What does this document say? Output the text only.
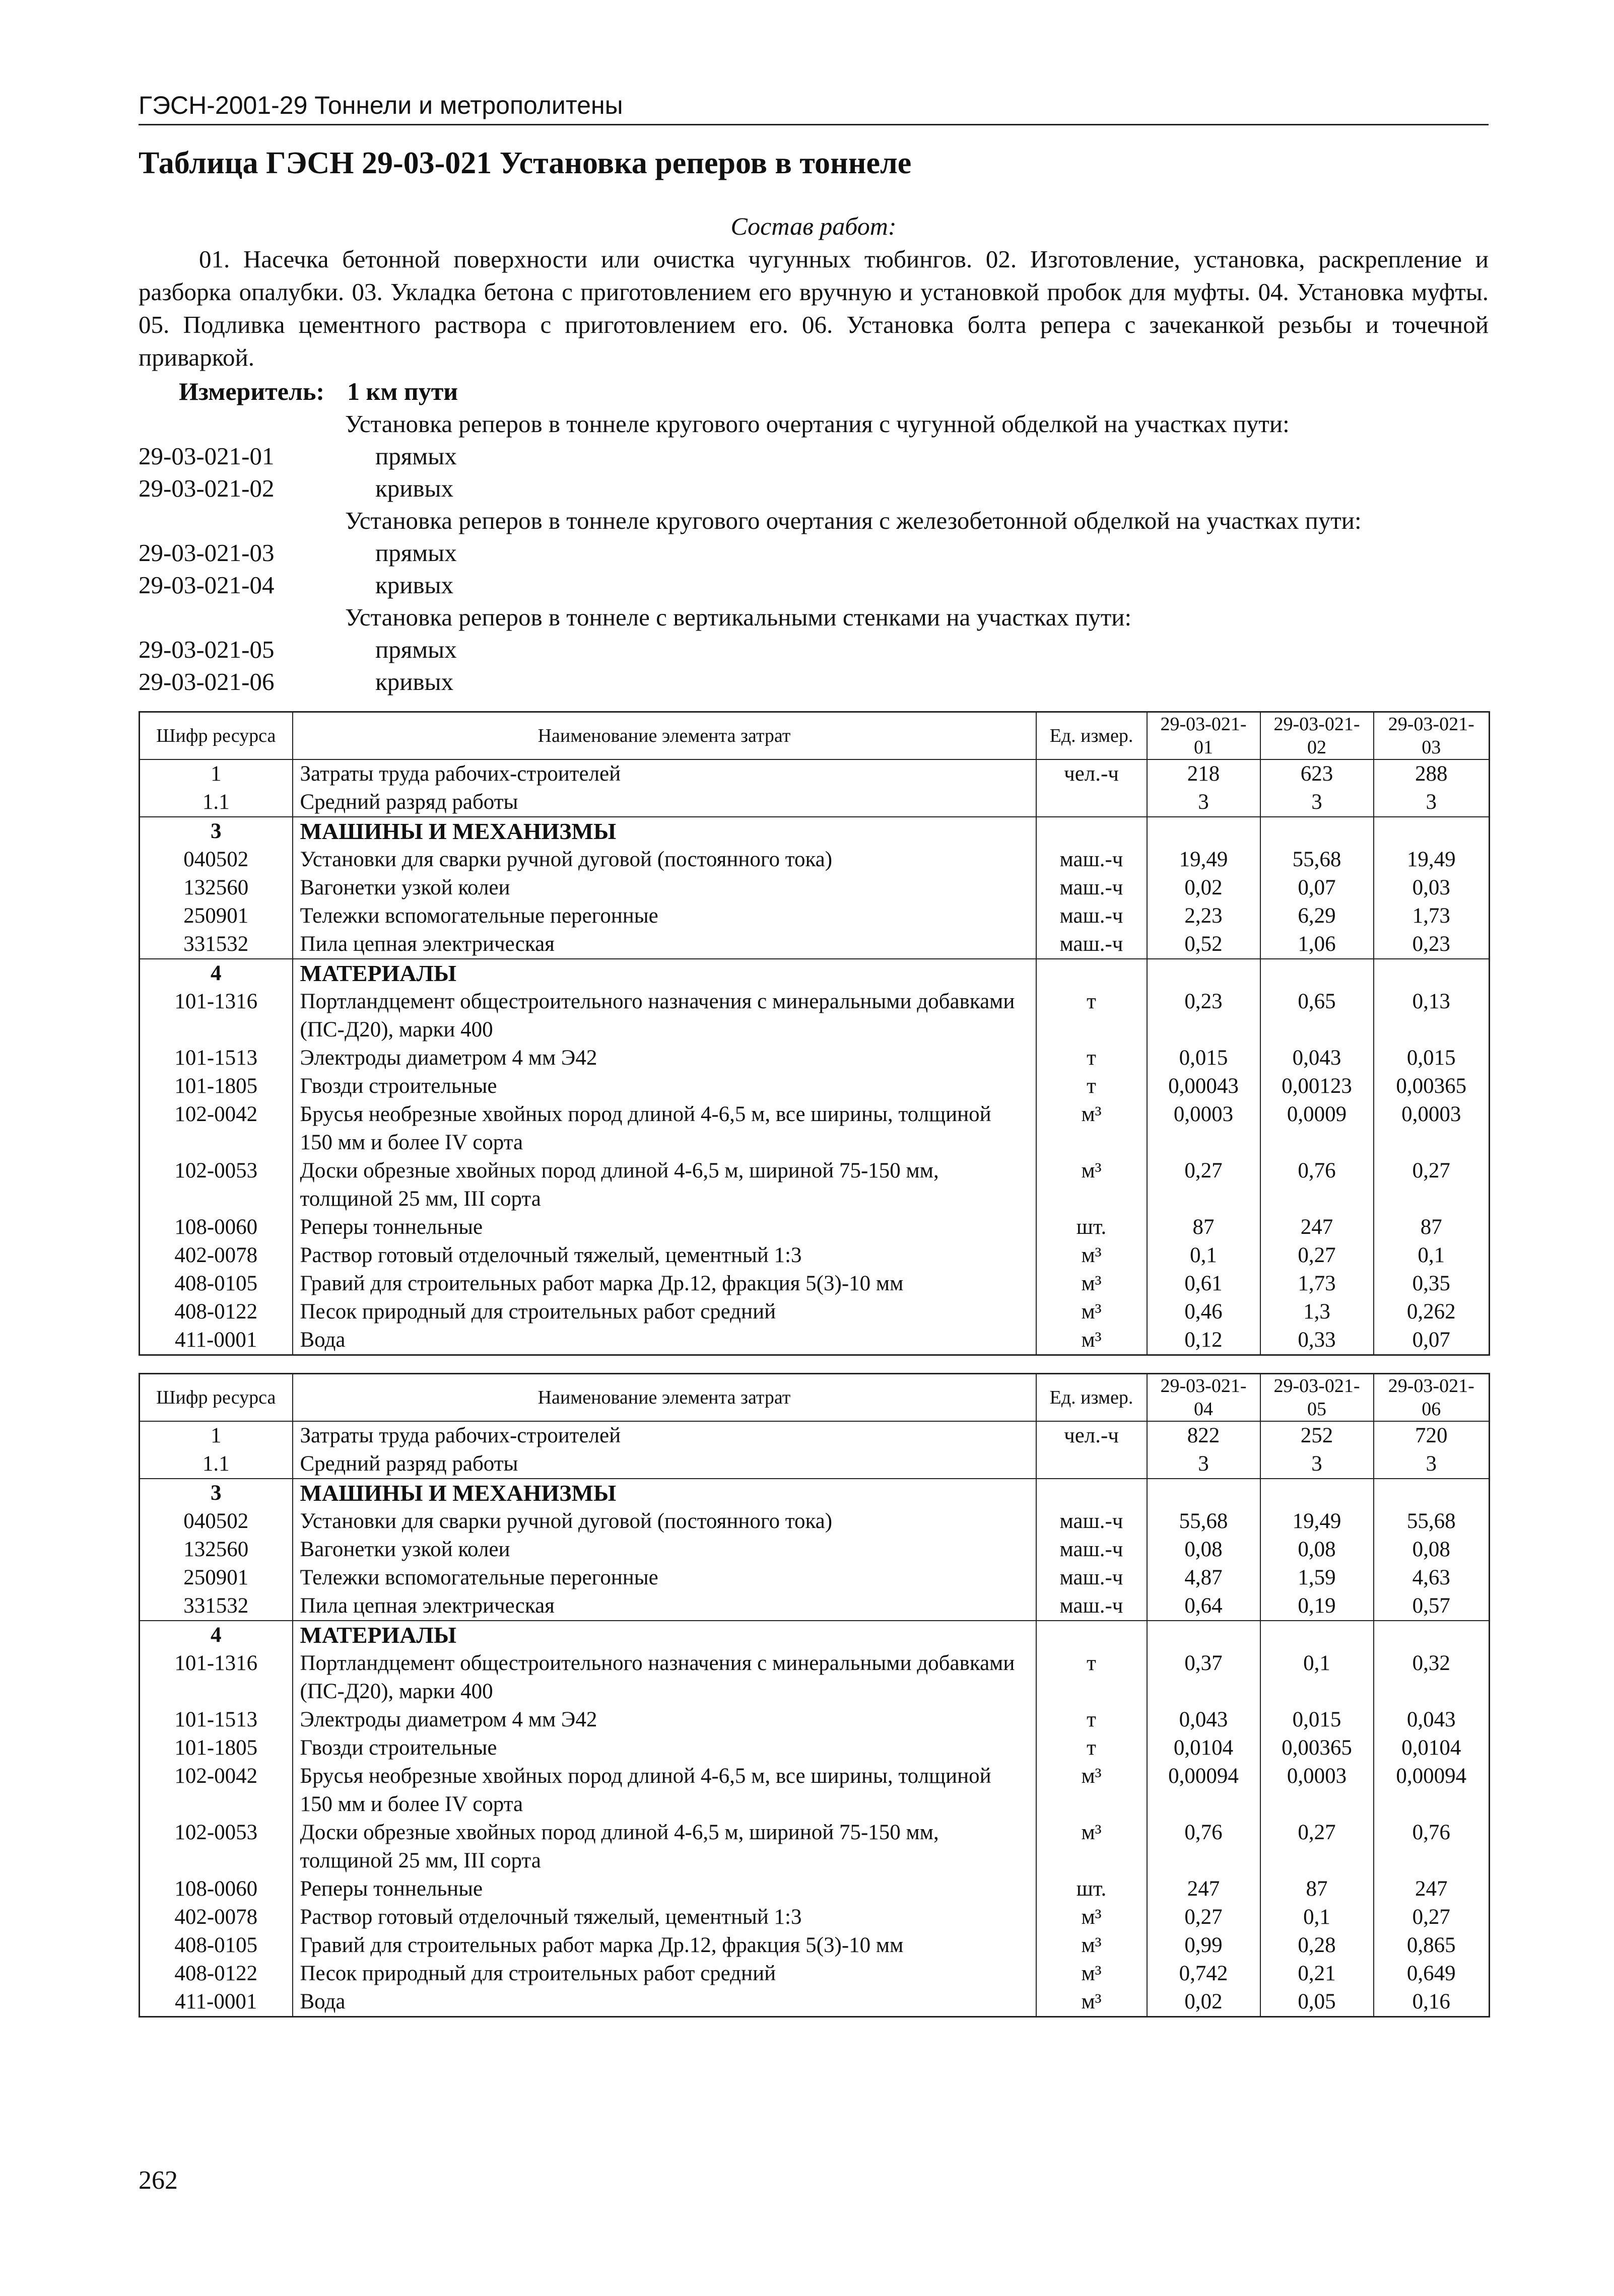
ГЭСН-2001-29 Тоннели и метрополитены
Таблица ГЭСН 29-03-021 Установка реперов в тоннеле
Состав работ:

01. Насечка бетонной поверхности или очистка чугунных тюбингов. 02. Изготовление, установка, раскрепление и разборка опалубки. 03. Укладка бетона с приготовлением его вручную и установкой пробок для муфты. 04. Установка муфты. 05. Подливка цементного раствора с приготовлением его. 06. Установка болта репера с зачеканкой резьбы и точечной приваркой.

Измеритель: 1 км пути
Установка реперов в тоннеле кругового очертания с чугунной обделкой на участках пути:
29-03-021-01	прямых
29-03-021-02	кривых
Установка реперов в тоннеле кругового очертания с железобетонной обделкой на участках пути:
29-03-021-03	прямых
29-03-021-04	кривых
Установка реперов в тоннеле с вертикальными стенками на участках пути:
29-03-021-05	прямых
29-03-021-06	кривых
Шифр ресурса	Наименование элемента затрат	Ед. измер.	29-03-021-01	29-03-021-02	29-03-021-03
1	Затраты труда рабочих-строителей	чел.-ч	218	623	288
1.1	Средний разряд работы		3	3	3
3	МАШИНЫ И МЕХАНИЗМЫ				
040502	Установки для сварки ручной дуговой (постоянного тока)	маш.-ч	19,49	55,68	19,49
132560	Вагонетки узкой колеи	маш.-ч	0,02	0,07	0,03
250901	Тележки вспомогательные перегонные	маш.-ч	2,23	6,29	1,73
331532	Пила цепная электрическая	маш.-ч	0,52	1,06	0,23
4	МАТЕРИАЛЫ				
101-1316	Портландцемент общестроительного назначения с минеральными добавками (ПС-Д20), марки 400	т	0,23	0,65	0,13
101-1513	Электроды диаметром 4 мм Э42	т	0,015	0,043	0,015
101-1805	Гвозди строительные	т	0,00043	0,00123	0,00365
102-0042	Брусья необрезные хвойных пород длиной 4-6,5 м, все ширины, толщиной 150 мм и более IV сорта	м³	0,0003	0,0009	0,0003
102-0053	Доски обрезные хвойных пород длиной 4-6,5 м, шириной 75-150 мм, толщиной 25 мм, III сорта	м³	0,27	0,76	0,27
108-0060	Реперы тоннельные	шт.	87	247	87
402-0078	Раствор готовый отделочный тяжелый, цементный 1:3	м³	0,1	0,27	0,1
408-0105	Гравий для строительных работ марка Др.12, фракция 5(3)-10 мм	м³	0,61	1,73	0,35
408-0122	Песок природный для строительных работ средний	м³	0,46	1,3	0,262
411-0001	Вода	м³	0,12	0,33	0,07
Шифр ресурса	Наименование элемента затрат	Ед. измер.	29-03-021-04	29-03-021-05	29-03-021-06
1	Затраты труда рабочих-строителей	чел.-ч	822	252	720
1.1	Средний разряд работы		3	3	3
3	МАШИНЫ И МЕХАНИЗМЫ				
040502	Установки для сварки ручной дуговой (постоянного тока)	маш.-ч	55,68	19,49	55,68
132560	Вагонетки узкой колеи	маш.-ч	0,08	0,08	0,08
250901	Тележки вспомогательные перегонные	маш.-ч	4,87	1,59	4,63
331532	Пила цепная электрическая	маш.-ч	0,64	0,19	0,57
4	МАТЕРИАЛЫ				
101-1316	Портландцемент общестроительного назначения с минеральными добавками (ПС-Д20), марки 400	т	0,37	0,1	0,32
101-1513	Электроды диаметром 4 мм Э42	т	0,043	0,015	0,043
101-1805	Гвозди строительные	т	0,0104	0,00365	0,0104
102-0042	Брусья необрезные хвойных пород длиной 4-6,5 м, все ширины, толщиной 150 мм и более IV сорта	м³	0,00094	0,0003	0,00094
102-0053	Доски обрезные хвойных пород длиной 4-6,5 м, шириной 75-150 мм, толщиной 25 мм, III сорта	м³	0,76	0,27	0,76
108-0060	Реперы тоннельные	шт.	247	87	247
402-0078	Раствор готовый отделочный тяжелый, цементный 1:3	м³	0,27	0,1	0,27
408-0105	Гравий для строительных работ марка Др.12, фракция 5(3)-10 мм	м³	0,99	0,28	0,865
408-0122	Песок природный для строительных работ средний	м³	0,742	0,21	0,649
411-0001	Вода	м³	0,02	0,05	0,16
262
